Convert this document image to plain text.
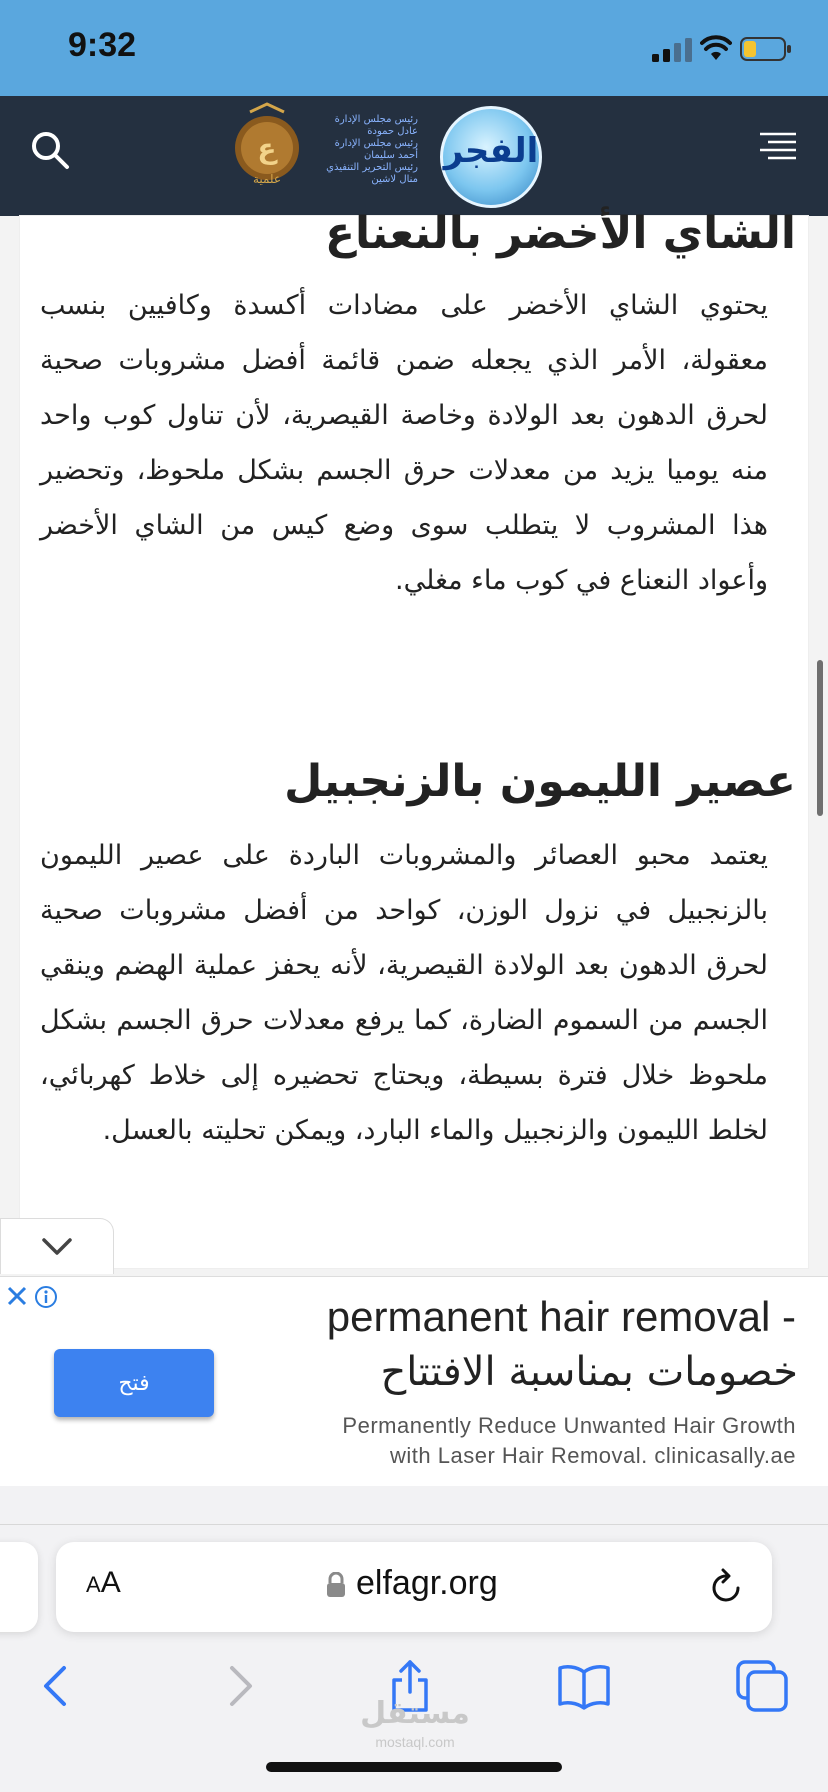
9:32
ع
علمية
رئيس مجلس الإدارة
عادل حمودة
رئيس مجلس الإدارة
أحمد سليمان
رئيس التحرير التنفيذي
منال لاشين
الفجر
الشاي الأخضر بالنعناع
يحتوي الشاي الأخضر على مضادات أكسدة وكافيين بنسب معقولة، الأمر الذي يجعله ضمن قائمة أفضل مشروبات صحية لحرق الدهون بعد الولادة وخاصة القيصرية، لأن تناول كوب واحد منه يوميا يزيد من معدلات حرق الجسم بشكل ملحوظ، وتحضير هذا المشروب لا يتطلب سوى وضع كيس من الشاي الأخضر وأعواد النعناع في كوب ماء مغلي.
عصير الليمون بالزنجبيل
يعتمد محبو العصائر والمشروبات الباردة على عصير الليمون بالزنجبيل في نزول الوزن، كواحد من أفضل مشروبات صحية لحرق الدهون بعد الولادة القيصرية، لأنه يحفز عملية الهضم وينقي الجسم من السموم الضارة، كما يرفع معدلات حرق الجسم بشكل ملحوظ خلال فترة بسيطة، ويحتاج تحضيره إلى خلاط كهربائي، لخلط الليمون والزنجبيل والماء البارد، ويمكن تحليته بالعسل.
permanent hair removal -
خصومات بمناسبة الافتتاح
Permanently Reduce Unwanted Hair Growth
with Laser Hair Removal. clinicasally.ae
فتح
AA	elfagr.org
مستقل
mostaql.com
